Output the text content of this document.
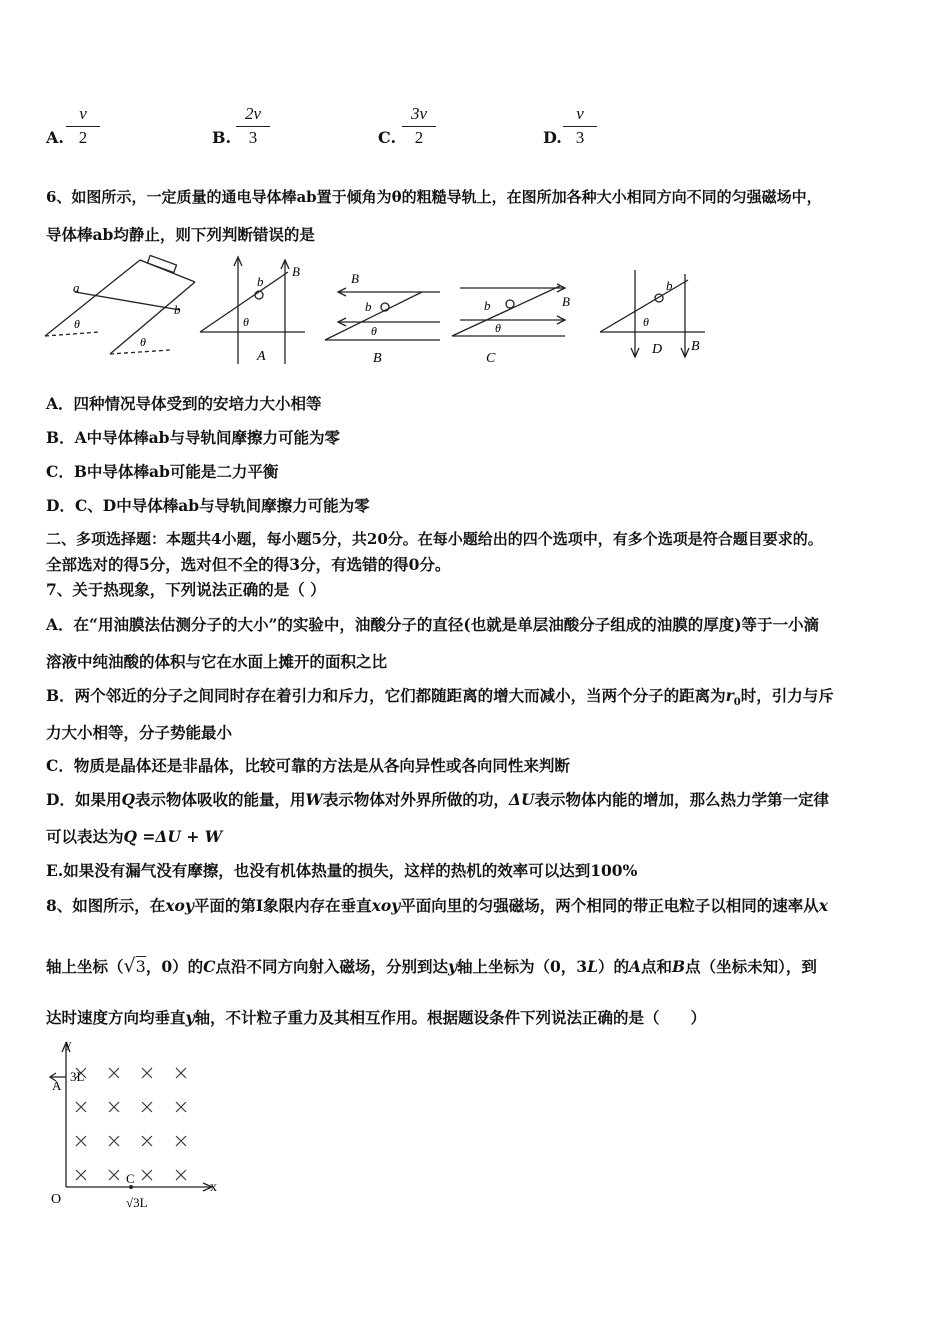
A. $\frac{v}{2}$	B. $\frac{2v}{3}$	C. $\frac{3v}{2}$	D. $\frac{v}{3}$
6、如图所示，一定质量的通电导体棒ab置于倾角为θ的粗糙导轨上，在图所加各种大小相同方向不同的匀强磁场中，
导体棒ab均静止，则下列判断错误的是
a
b
θ
θ
b
B
θ
A
B
b
θ
B
b	B
θ
C
b
θ
D B
A．四种情况导体受到的安培力大小相等
B．A中导体棒ab与导轨间摩擦力可能为零
C．B中导体棒ab可能是二力平衡
D．C、D中导体棒ab与导轨间摩擦力可能为零
二、多项选择题：本题共4小题，每小题5分，共20分。在每小题给出的四个选项中，有多个选项是符合题目要求的。
全部选对的得5分，选对但不全的得3分，有选错的得0分。
7、关于热现象，下列说法正确的是（ ）
A．在“用油膜法估测分子的大小”的实验中，油酸分子的直径(也就是单层油酸分子组成的油膜的厚度)等于一小滴
溶液中纯油酸的体积与它在水面上摊开的面积之比
B．两个邻近的分子之间同时存在着引力和斥力，它们都随距离的增大而减小，当两个分子的距离为$r_0$时，引力与斥
力大小相等，分子势能最小
C．物质是晶体还是非晶体，比较可靠的方法是从各向异性或各向同性来判断
D．如果用Q表示物体吸收的能量，用W表示物体对外界所做的功，ΔU表示物体内能的增加，那么热力学第一定律
可以表达为Q =ΔU + W
E.如果没有漏气没有摩擦，也没有机体热量的损失，这样的热机的效率可以达到100%
8、如图所示，在xoy平面的第Ⅰ象限内存在垂直xoy平面向里的匀强磁场，两个相同的带正电粒子以相同的速率从x
轴上坐标（√3，0）的C点沿不同方向射入磁场，分别到达y轴上坐标为（0，3L）的A点和B点（坐标未知），到
达时速度方向均垂直y轴，不计粒子重力及其相互作用。根据题设条件下列说法正确的是（　　）
y
x
O
A
3L
C
√3L
